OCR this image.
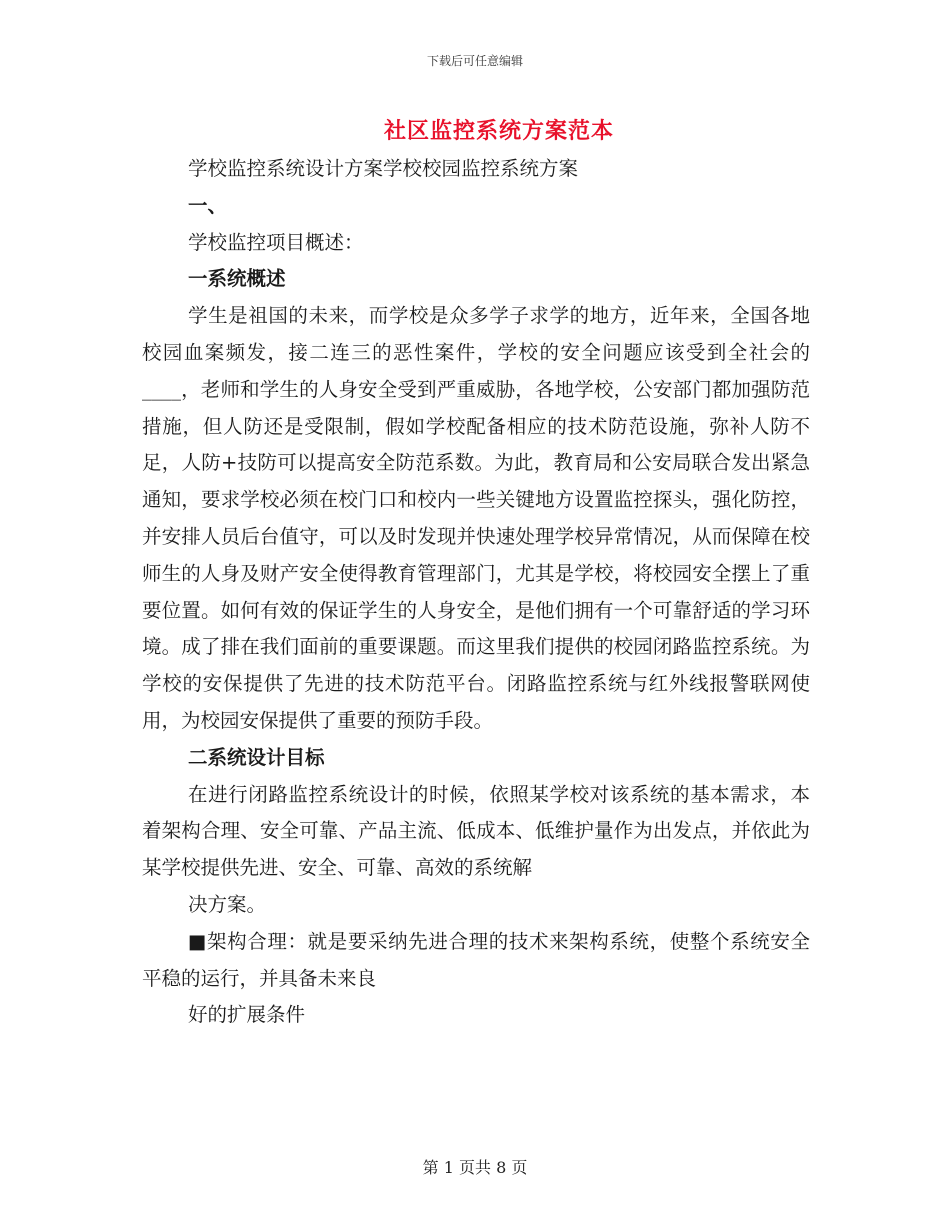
下载后可任意编辑
社区监控系统方案范本

学校监控系统设计方案学校校园监控系统方案

一、

学校监控项目概述：

一系统概述

学生是祖国的未来，而学校是众多学子求学的地方，近年来，全国各地校园血案频发，接二连三的恶性案件，学校的安全问题应该受到全社会的____，老师和学生的人身安全受到严重威胁，各地学校，公安部门都加强防范措施，但人防还是受限制，假如学校配备相应的技术防范设施，弥补人防不足，人防+技防可以提高安全防范系数。为此，教育局和公安局联合发出紧急通知，要求学校必须在校门口和校内一些关键地方设置监控探头，强化防控，并安排人员后台值守，可以及时发现并快速处理学校异常情况，从而保障在校师生的人身及财产安全使得教育管理部门，尤其是学校，将校园安全摆上了重要位置。如何有效的保证学生的人身安全，是他们拥有一个可靠舒适的学习环境。成了排在我们面前的重要课题。而这里我们提供的校园闭路监控系统。为学校的安保提供了先进的技术防范平台。闭路监控系统与红外线报警联网使用，为校园安保提供了重要的预防手段。

二系统设计目标

在进行闭路监控系统设计的时候，依照某学校对该系统的基本需求，本着架构合理、安全可靠、产品主流、低成本、低维护量作为出发点，并依此为某学校提供先进、安全、可靠、高效的系统解

决方案。

■架构合理：就是要采纳先进合理的技术来架构系统，使整个系统安全平稳的运行，并具备未来良

好的扩展条件

第 1 页共 8 页
